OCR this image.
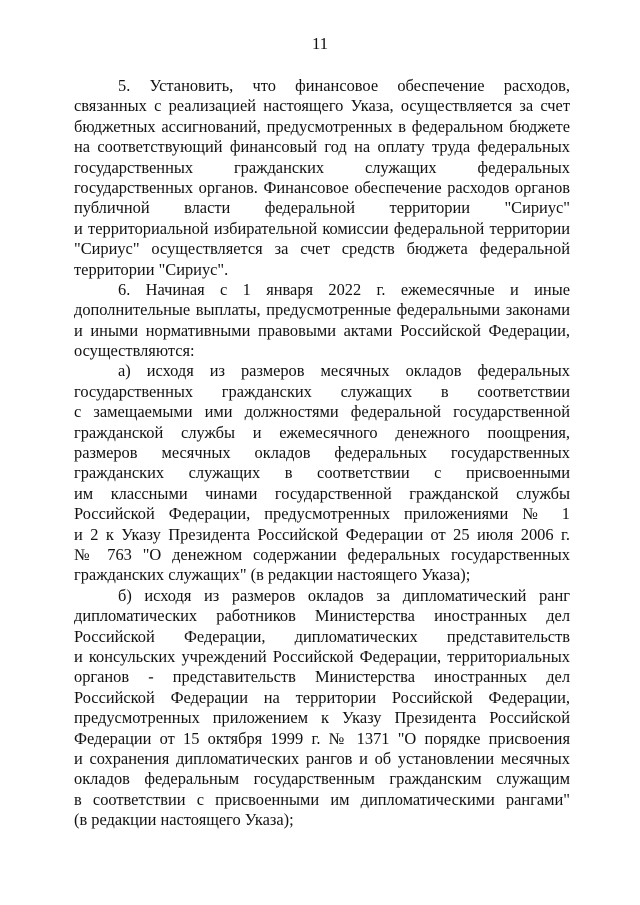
11
5. Установить, что финансовое обеспечение расходов,
связанных с реализацией настоящего Указа, осуществляется за счет
бюджетных ассигнований, предусмотренных в федеральном бюджете
на соответствующий финансовый год на оплату труда федеральных
государственных гражданских служащих федеральных
государственных органов. Финансовое обеспечение расходов органов
публичной власти федеральной территории "Сириус"
и территориальной избирательной комиссии федеральной территории
"Сириус" осуществляется за счет средств бюджета федеральной
территории "Сириус".
6. Начиная с 1 января 2022 г. ежемесячные и иные
дополнительные выплаты, предусмотренные федеральными законами
и иными нормативными правовыми актами Российской Федерации,
осуществляются:
а) исходя из размеров месячных окладов федеральных
государственных гражданских служащих в соответствии
с замещаемыми ими должностями федеральной государственной
гражданской службы и ежемесячного денежного поощрения,
размеров месячных окладов федеральных государственных
гражданских служащих в соответствии с присвоенными
им классными чинами государственной гражданской службы
Российской Федерации, предусмотренных приложениями № 1
и 2 к Указу Президента Российской Федерации от 25 июля 2006 г.
№ 763 "О денежном содержании федеральных государственных
гражданских служащих" (в редакции настоящего Указа);
б) исходя из размеров окладов за дипломатический ранг
дипломатических работников Министерства иностранных дел
Российской Федерации, дипломатических представительств
и консульских учреждений Российской Федерации, территориальных
органов - представительств Министерства иностранных дел
Российской Федерации на территории Российской Федерации,
предусмотренных приложением к Указу Президента Российской
Федерации от 15 октября 1999 г. № 1371 "О порядке присвоения
и сохранения дипломатических рангов и об установлении месячных
окладов федеральным государственным гражданским служащим
в соответствии с присвоенными им дипломатическими рангами"
(в редакции настоящего Указа);
